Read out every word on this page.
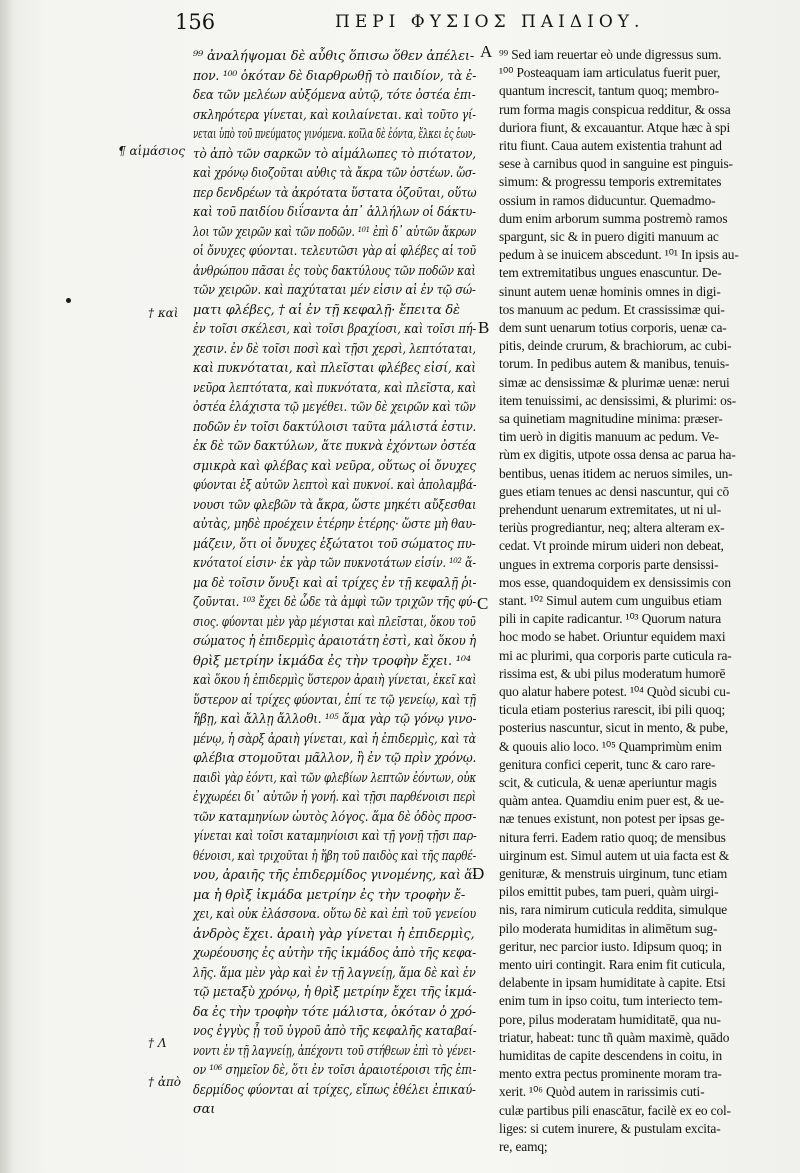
156	ΠΕΡΙ ΦΥΣΙΟΣ ΠΑΙΔΙΟΥ.
⁹⁹ ἀναλήψομαι δὲ αὖθις ὅπισω ὅθεν ἀπέλει-
πον. ¹⁰⁰ ὁκόταν δὲ διαρθρωθῇ τὸ παιδίον, τὰ ἐ-
δεα τῶν μελέων αὐξόμενα αὐτῷ, τότε ὀστέα ἐπι-
σκληρότερα γίνεται, καὶ κοιλαίνεται. καὶ τοῦτο γί-
νεται ὑπὸ τοῦ πνεύματος γινόμενα. κοῖλα δὲ ἐόντα, ἕλκει ἐς ἑωυ-
τὸ ἀπὸ τῶν σαρκῶν τὸ αἱμάλωπες τὸ πιότατον,
καὶ χρόνῳ διοζοῦται αὐθις τὰ ἄκρα τῶν ὀστέων. ὥσ-
περ δενδρέων τὰ ἀκρότατα ὕστατα ὀζοῦται, οὕτω
καὶ τοῦ παιδίου διΐσαντα ἀπ᾽ ἀλλήλων οἱ δάκτυ-
λοι τῶν χειρῶν καὶ τῶν ποδῶν. ¹⁰¹ ἐπὶ δ᾽ αὐτῶν ἄκρων
οἱ ὄνυχες φύονται. τελευτῶσι γὰρ αἱ φλέβες αἱ τοῦ
ἀνθρώπου πᾶσαι ἐς τοὺς δακτύλους τῶν ποδῶν καὶ
τῶν χειρῶν. καὶ παχύταται μέν εἰσιν αἱ ἐν τῷ σώ-
ματι φλέβες, † αἱ ἐν τῇ κεφαλῇ· ἔπειτα δὲ
ἐν τοῖσι σκέλεσι, καὶ τοῖσι βραχίοσι, καὶ τοῖσι πή-
χεσιν. ἐν δὲ τοῖσι ποσὶ καὶ τῇσι χερσὶ, λεπτόταται,
καὶ πυκνόταται, καὶ πλεῖσται φλέβες εἰσί, καὶ
νεῦρα λεπτότατα, καὶ πυκνότατα, καὶ πλεῖστα, καὶ
ὀστέα ἐλάχιστα τῷ μεγέθει. τῶν δὲ χειρῶν καὶ τῶν
ποδῶν ἐν τοῖσι δακτύλοισι ταῦτα μάλιστά ἐστιν.
ἐκ δὲ τῶν δακτύλων, ἅτε πυκνὰ ἐχόντων ὀστέα
σμικρὰ καὶ φλέβας καὶ νεῦρα, οὕτως οἱ ὄνυχες
φύονται ἐξ αὐτῶν λεπτοὶ καὶ πυκνοί. καὶ ἀπολαμβά-
νουσι τῶν φλεβῶν τὰ ἄκρα, ὥστε μηκέτι αὔξεσθαι
αὐτὰς, μηδὲ προέχειν ἑτέρην ἑτέρης· ὥστε μὴ θαυ-
μάζειν, ὅτι οἱ ὄνυχες ἐξώτατοι τοῦ σώματος πυ-
κνότατοί εἰσιν· ἐκ γὰρ τῶν πυκνοτάτων εἰσίν. ¹⁰² ἅ-
μα δὲ τοῖσιν ὄνυξι καὶ αἱ τρίχες ἐν τῇ κεφαλῇ ῥι-
ζοῦνται. ¹⁰³ ἔχει δὲ ὧδε τὰ ἀμφὶ τῶν τριχῶν τῆς φύ-
σιος. φύονται μὲν γὰρ μέγισται καὶ πλεῖσται, ὅκου τοῦ
σώματος ἡ ἐπιδερμὶς ἀραιοτάτη ἐστὶ, καὶ ὅκου ἡ
θρὶξ μετρίην ἰκμάδα ἐς τὴν τροφὴν ἔχει. ¹⁰⁴
καὶ ὅκου ἡ ἐπιδερμὶς ὕστερον ἀραιὴ γίνεται, ἐκεῖ καὶ
ὕστερον αἱ τρίχες φύονται, ἐπί τε τῷ γενείῳ, καὶ τῇ
ἥβῃ, καὶ ἄλλῃ ἄλλοθι. ¹⁰⁵ ἅμα γὰρ τῷ γόνῳ γινο-
μένῳ, ἡ σὰρξ ἀραιὴ γίνεται, καὶ ἡ ἐπιδερμὶς, καὶ τὰ
φλέβια στομοῦται μᾶλλον, ἢ ἐν τῷ πρὶν χρόνῳ.
παιδὶ γὰρ ἐόντι, καὶ τῶν φλεβίων λεπτῶν ἐόντων, οὐκ
ἐγχωρέει δι᾽ αὐτῶν ἡ γονή. καὶ τῇσι παρθένοισι περὶ
τῶν καταμηνίων ὡυτὸς λόγος. ἅμα δὲ ὁδὸς προσ-
γίνεται καὶ τοῖσι καταμηνίοισι καὶ τῇ γονῇ τῇσι παρ-
θένοισι, καὶ τριχοῦται ἡ ἥβη τοῦ παιδὸς καὶ τῆς παρθέ-
νου, ἀραιῆς τῆς ἐπιδερμίδος γινομένης, καὶ ἅ-
μα ἡ θρὶξ ἰκμάδα μετρίην ἐς τὴν τροφὴν ἔ-
χει, καὶ οὐκ ἐλάσσονα. οὕτω δὲ καὶ ἐπὶ τοῦ γενείου
ἀνδρὸς ἔχει. ἀραιὴ γὰρ γίνεται ἡ ἐπιδερμὶς,
χωρέουσης ἐς αὐτὴν τῆς ἰκμάδος ἀπὸ τῆς κεφα-
λῆς. ἅμα μὲν γὰρ καὶ ἐν τῇ λαγνείῃ, ἅμα δὲ καὶ ἐν
τῷ μεταξὺ χρόνῳ, ἡ θρὶξ μετρίην ἔχει τῆς ἰκμά-
δα ἐς τὴν τροφὴν τότε μάλιστα, ὁκόταν ὁ χρό-
νος ἐγγὺς ᾖ τοῦ ὑγροῦ ἀπὸ τῆς κεφαλῆς καταβαί-
νοντι ἐν τῇ λαγνείῃ, ἀπέχοντι τοῦ στήθεων ἐπὶ τὸ γένει-
ον ¹⁰⁶ σημεῖον δὲ, ὅτι ἐν τοῖσι ἀραιοτέροισι τῆς ἐπι-
δερμίδος φύονται αἱ τρίχες, εἴπως ἐθέλει ἐπικαύ-
σαι
⁹⁹ Sed iam reuertar eò unde digressus sum.
¹⁰⁰ Posteaquam iam articulatus fuerit puer,
quantum increscit, tantum quoq; membro-
rum forma magis conspicua redditur, & ossa
duriora fiunt, & excauantur. Atque hæc à spi
ritu fiunt. Caua autem existentia trahunt ad
sese à carnibus quod in sanguine est pinguis-
simum: & progressu temporis extremitates
ossium in ramos diducuntur. Quemadmo-
dum enim arborum summa postremò ramos
spargunt, sic & in puero digiti manuum ac
pedum à se inuicem abscedunt. ¹⁰¹ In ipsis au-
tem extremitatibus ungues enascuntur. De-
sinunt autem uenæ hominis omnes in digi-
tos manuum ac pedum. Et crassissimæ qui-
dem sunt uenarum totius corporis, uenæ ca-
pitis, deinde crurum, & brachiorum, ac cubi-
torum. In pedibus autem & manibus, tenuis-
simæ ac densissimæ & plurimæ uenæ: nerui
item tenuissimi, ac densissimi, & plurimi: os-
sa quinetiam magnitudine minima: præser-
tim uerò in digitis manuum ac pedum. Ve-
rùm ex digitis, utpote ossa densa ac parua ha-
bentibus, uenas itidem ac neruos similes, un-
gues etiam tenues ac densi nascuntur, qui cō
prehendunt uenarum extremitates, ut ni ul-
teriùs progrediantur, neq; altera alteram ex-
cedat. Vt proinde mirum uideri non debeat,
ungues in extrema corporis parte densissi-
mos esse, quandoquidem ex densissimis con
stant. ¹⁰² Simul autem cum unguibus etiam
pili in capite radicantur. ¹⁰³ Quorum natura
hoc modo se habet. Oriuntur equidem maxi
mi ac plurimi, qua corporis parte cuticula ra-
rissima est, & ubi pilus moderatum humorē
quo alatur habere potest. ¹⁰⁴ Quòd sicubi cu-
ticula etiam posterius rarescit, ibi pili quoq;
posterius nascuntur, sicut in mento, & pube,
& quouis alio loco. ¹⁰⁵ Quamprimùm enim
genitura confici ceperit, tunc & caro rare-
scit, & cuticula, & uenæ aperiuntur magis
quàm antea. Quamdiu enim puer est, & ue-
næ tenues existunt, non potest per ipsas ge-
nitura ferri. Eadem ratio quoq; de mensibus
uirginum est. Simul autem ut uia facta est &
genituræ, & menstruis uirginum, tunc etiam
pilos emittit pubes, tam pueri, quàm uirgi-
nis, rara nimirum cuticula reddita, simulque
pilo moderata humiditas in alimētum sug-
geritur, nec parcior iusto. Idipsum quoq; in
mento uiri contingit. Rara enim fit cuticula,
delabente in ipsam humiditate à capite. Etsi
enim tum in ipso coitu, tum interiecto tem-
pore, pilus moderatam humiditatē, qua nu-
triatur, habeat: tunc tñ quàm maximè, quādo
humiditas de capite descendens in coitu, in
mento extra pectus prominente moram tra-
xerit. ¹⁰⁶ Quòd autem in rarissimis cuti-
culæ partibus pili enascātur, facilè ex eo col-
liges: si cutem inurere, & pustulam excita-
re, eamq;
A
B
C
D
¶ αἱμάσιος
† καὶ
† Λ
† ἀπὸ
